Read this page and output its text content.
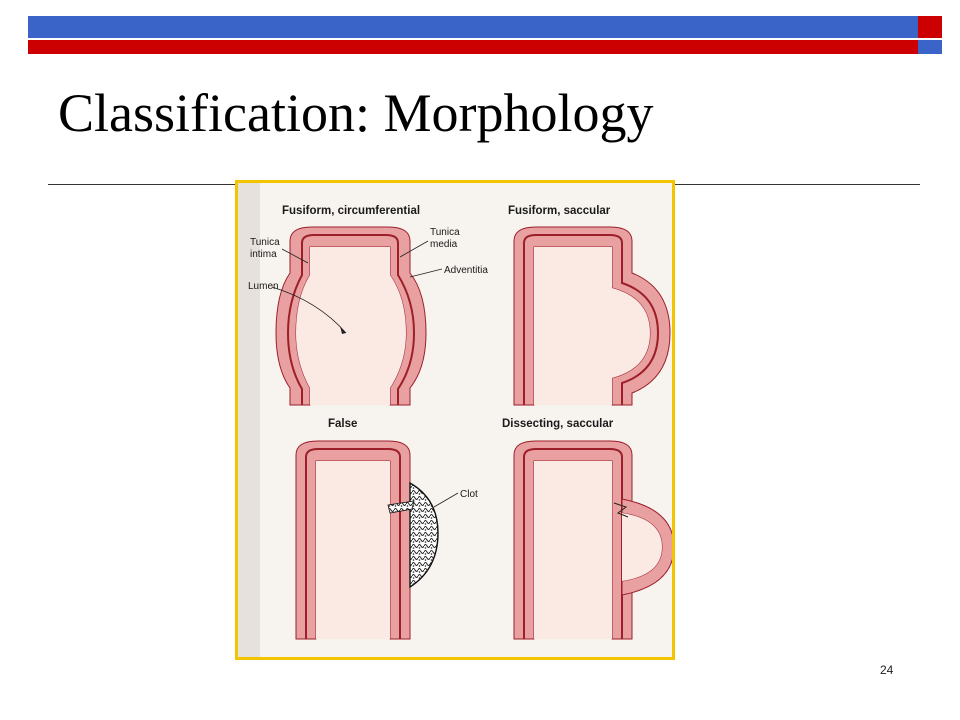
Classification: Morphology
Fusiform, circumferential
Tunica
intima
Tunica
media
Adventitia
Lumen
Fusiform, saccular
False
Clot
Dissecting, saccular
24
